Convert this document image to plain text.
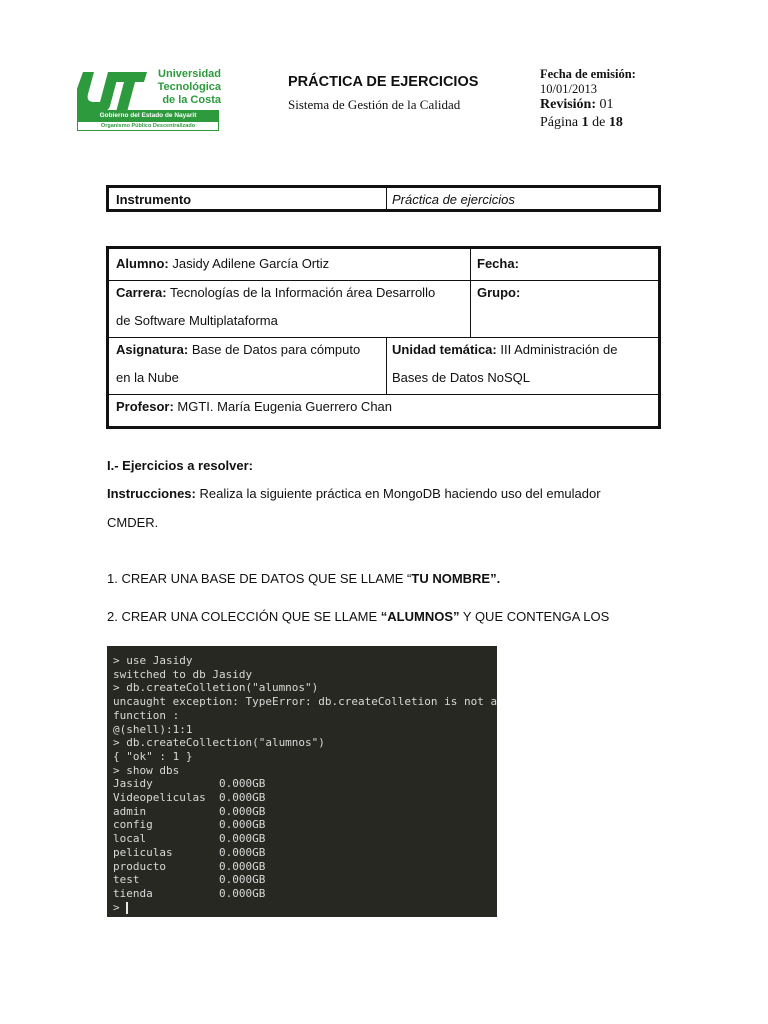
Universidad
Tecnológica
de la Costa
Gobierno del Estado de Nayarit
Organismo Público Descentralizado
PRÁCTICA DE EJERCICIOS
Sistema de Gestión de la Calidad
Fecha de emisión:
10/01/2013
Revisión: 01
Página 1 de 18
Instrumento	Práctica de ejercicios
Alumno: Jasidy Adilene García Ortiz	Fecha:
Carrera: Tecnologías de la Información área Desarrollo
de Software Multiplataforma
Grupo:
Asignatura: Base de Datos para cómputo
en la Nube
Unidad temática: III Administración de
Bases de Datos NoSQL
Profesor: MGTI. María Eugenia Guerrero Chan
I.- Ejercicios a resolver:
Instrucciones: Realiza la siguiente práctica en MongoDB haciendo uso del emulador
CMDER.
1. CREAR UNA BASE DE DATOS QUE SE LLAME “TU NOMBRE”.
2. CREAR UNA COLECCIÓN QUE SE LLAME “ALUMNOS” Y QUE CONTENGA LOS
> use Jasidy
switched to db Jasidy
> db.createColletion("alumnos")
uncaught exception: TypeError: db.createColletion is not a
function :
@(shell):1:1
> db.createCollection("alumnos")
{ "ok" : 1 }
> show dbs
Jasidy          0.000GB
Videopeliculas  0.000GB
admin           0.000GB
config          0.000GB
local           0.000GB
peliculas       0.000GB
producto        0.000GB
test            0.000GB
tienda          0.000GB
>
